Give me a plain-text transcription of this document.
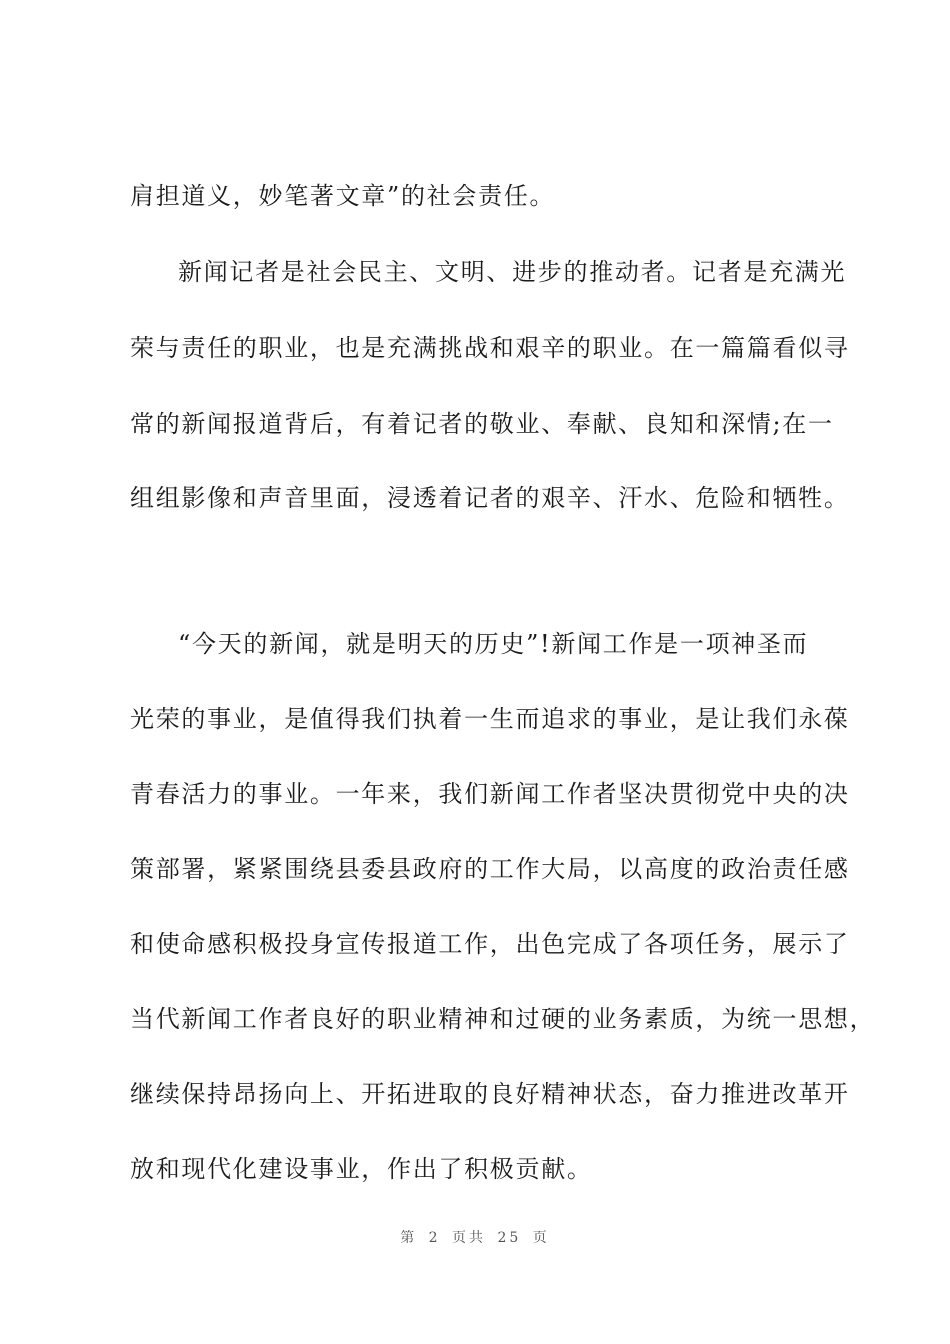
肩担道义，妙笔著文章”的社会责任。
新闻记者是社会民主、文明、进步的推动者。记者是充满光
荣与责任的职业，也是充满挑战和艰辛的职业。在一篇篇看似寻
常的新闻报道背后，有着记者的敬业、奉献、良知和深情;在一
组组影像和声音里面，浸透着记者的艰辛、汗水、危险和牺牲。
“今天的新闻，就是明天的历史”!新闻工作是一项神圣而
光荣的事业，是值得我们执着一生而追求的事业，是让我们永葆
青春活力的事业。一年来，我们新闻工作者坚决贯彻党中央的决
策部署，紧紧围绕县委县政府的工作大局，以高度的政治责任感
和使命感积极投身宣传报道工作，出色完成了各项任务，展示了
当代新闻工作者良好的职业精神和过硬的业务素质，为统一思想，
继续保持昂扬向上、开拓进取的良好精神状态，奋力推进改革开
放和现代化建设事业，作出了积极贡献。
第 2 页共 25 页
